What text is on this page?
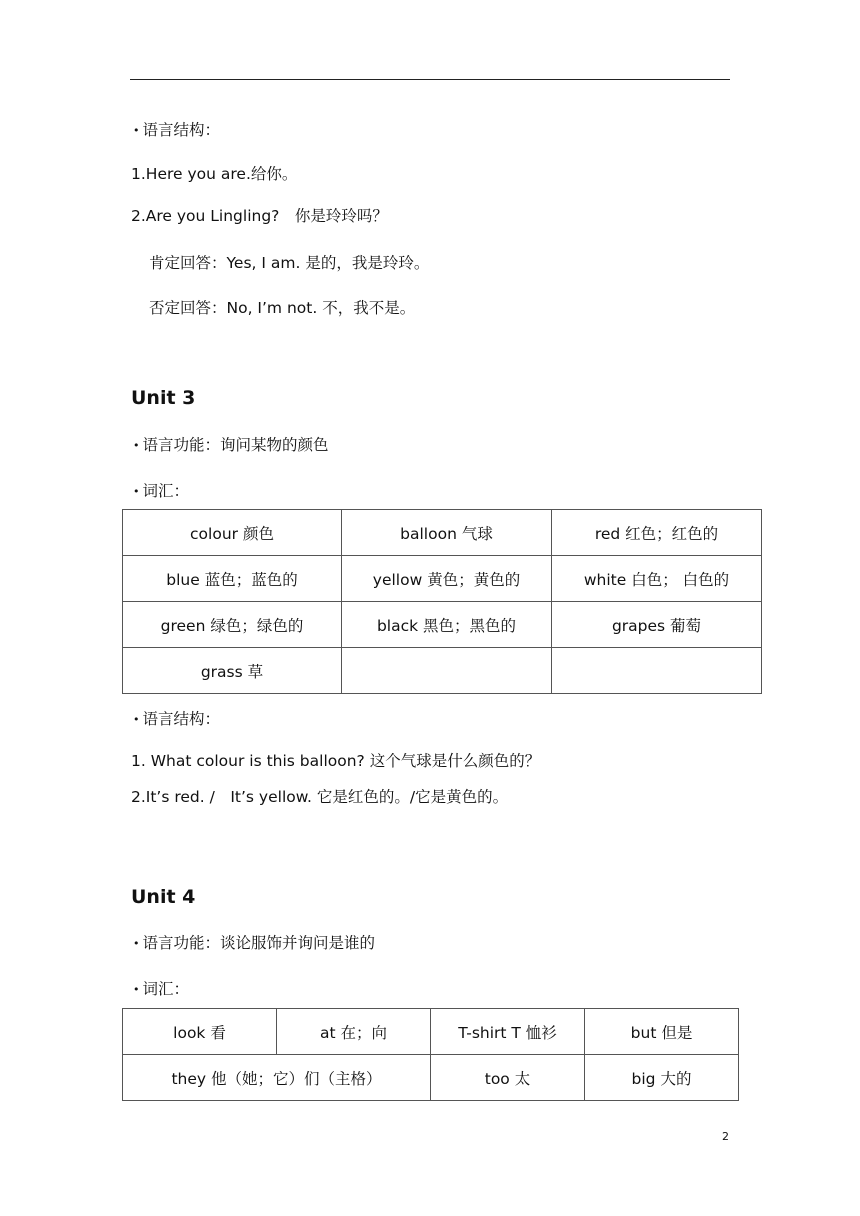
• 语言结构：
1.Here you are.给你。
2.Are you Lingling?　你是玲玲吗？
肯定回答：Yes, I am. 是的，我是玲玲。
否定回答：No, I’m not. 不，我不是。
Unit 3
• 语言功能：询问某物的颜色
• 词汇：
colour 颜色	balloon 气球	red 红色；红色的
blue 蓝色；蓝色的	yellow 黄色；黄色的	white 白色； 白色的
green 绿色；绿色的	black 黑色；黑色的	grapes 葡萄
grass 草		
• 语言结构：
1. What colour is this balloon? 这个气球是什么颜色的？
2.It’s red. /　It’s yellow. 它是红色的。/它是黄色的。
Unit 4
• 语言功能：谈论服饰并询问是谁的
• 词汇：
look 看	at 在；向	T-shirt T 恤衫	but 但是
they 他（她；它）们（主格）		too 太	big 大的
2
